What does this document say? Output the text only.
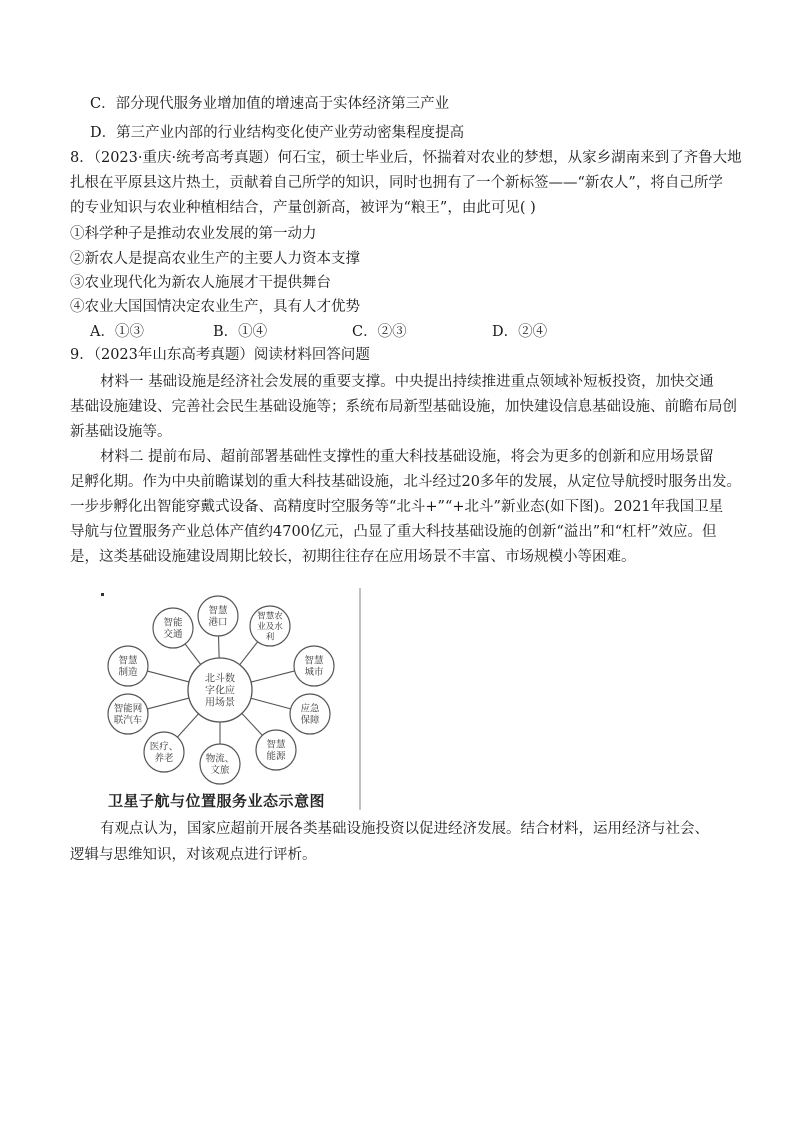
C．部分现代服务业增加值的增速高于实体经济第三产业
D．第三产业内部的行业结构变化使产业劳动密集程度提高
8．（2023·重庆·统考高考真题）何石宝，硕士毕业后，怀揣着对农业的梦想，从家乡湖南来到了齐鲁大地
扎根在平原县这片热土，贡献着自己所学的知识，同时也拥有了一个新标签——“新农人”，将自己所学
的专业知识与农业种植相结合，产量创新高，被评为“粮王”，由此可见( )
①科学种子是推动农业发展的第一动力
②新农人是提高农业生产的主要人力资本支撑
③农业现代化为新农人施展才干提供舞台
④农业大国国情决定农业生产，具有人才优势
A．①③	B．①④	C．②③	D．②④
9．（2023年山东高考真题）阅读材料回答问题
材料一 基础设施是经济社会发展的重要支撑。中央提出持续推进重点领域补短板投资，加快交通
基础设施建设、完善社会民生基础设施等；系统布局新型基础设施，加快建设信息基础设施、前瞻布局创
新基础设施等。
材料二 提前布局、超前部署基础性支撑性的重大科技基础设施，将会为更多的创新和应用场景留
足孵化期。作为中央前瞻谋划的重大科技基础设施，北斗经过20多年的发展，从定位导航授时服务出发。
一步步孵化出智能穿戴式设备、高精度时空服务等“北斗+”“+北斗”新业态(如下图)。2021年我国卫星
导航与位置服务产业总体产值约4700亿元，凸显了重大科技基础设施的创新“溢出”和“杠杆”效应。但
是，这类基础设施建设周期比较长，初期往往存在应用场景不丰富、市场规模小等困难。
智慧
港口
智慧农
业及水
利
智慧
城市
应急
保障
智慧
能源
物流、
文旅
医疗、
养老
智能网
联汽车
智慧
制造
智能
交通
北斗数
字化应
用场景
卫星子航与位置服务业态示意图
有观点认为，国家应超前开展各类基础设施投资以促进经济发展。结合材料，运用经济与社会、
逻辑与思维知识，对该观点进行评析。
